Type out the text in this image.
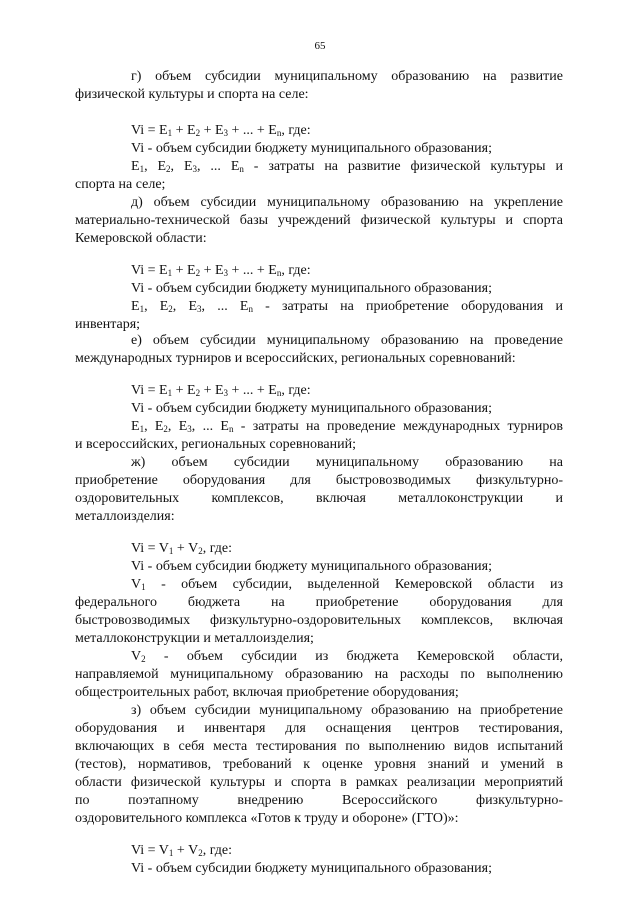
65
г) объем субсидии муниципальному образованию на развитие
физической культуры и спорта на селе:
$Vi = E_1 + E_2 + E_3$ + ... + $E_n$, где:
Vi - объем субсидии бюджету муниципального образования;
$E_1$, $E_2$, $E_3$, ... $E_n$ - затраты на развитие физической культуры и
спорта на селе;
д) объем субсидии муниципальному образованию на укрепление
материально-технической базы учреждений физической культуры и спорта
Кемеровской области:
$Vi = E_1 + E_2 + E_3$ + ... + $E_n$, где:
Vi - объем субсидии бюджету муниципального образования;
$E_1$, $E_2$, $E_3$, ... $E_n$ - затраты на приобретение оборудования и
инвентаря;
е) объем субсидии муниципальному образованию на проведение
международных турниров и всероссийских, региональных соревнований:
$Vi = E_1 + E_2 + E_3$ + ... + $E_n$, где:
Vi - объем субсидии бюджету муниципального образования;
$E_1$, $E_2$, $E_3$, ... $E_n$ - затраты на проведение международных турниров
и всероссийских, региональных соревнований;
ж) объем субсидии муниципальному образованию на
приобретение оборудования для быстровозводимых физкультурно-
оздоровительных комплексов, включая металлоконструкции и
металлоизделия:
$Vi = V_1 + V_2$, где:
Vi - объем субсидии бюджету муниципального образования;
$V_1$ - объем субсидии, выделенной Кемеровской области из
федерального бюджета на приобретение оборудования для
быстровозводимых физкультурно-оздоровительных комплексов, включая
металлоконструкции и металлоизделия;
$V_2$ - объем субсидии из бюджета Кемеровской области,
направляемой муниципальному образованию на расходы по выполнению
общестроительных работ, включая приобретение оборудования;
з) объем субсидии муниципальному образованию на приобретение
оборудования и инвентаря для оснащения центров тестирования,
включающих в себя места тестирования по выполнению видов испытаний
(тестов), нормативов, требований к оценке уровня знаний и умений в
области физической культуры и спорта в рамках реализации мероприятий
по поэтапному внедрению Всероссийского физкультурно-
оздоровительного комплекса «Готов к труду и обороне» (ГТО)»:
$Vi = V_1 + V_2$, где:
Vi - объем субсидии бюджету муниципального образования;
